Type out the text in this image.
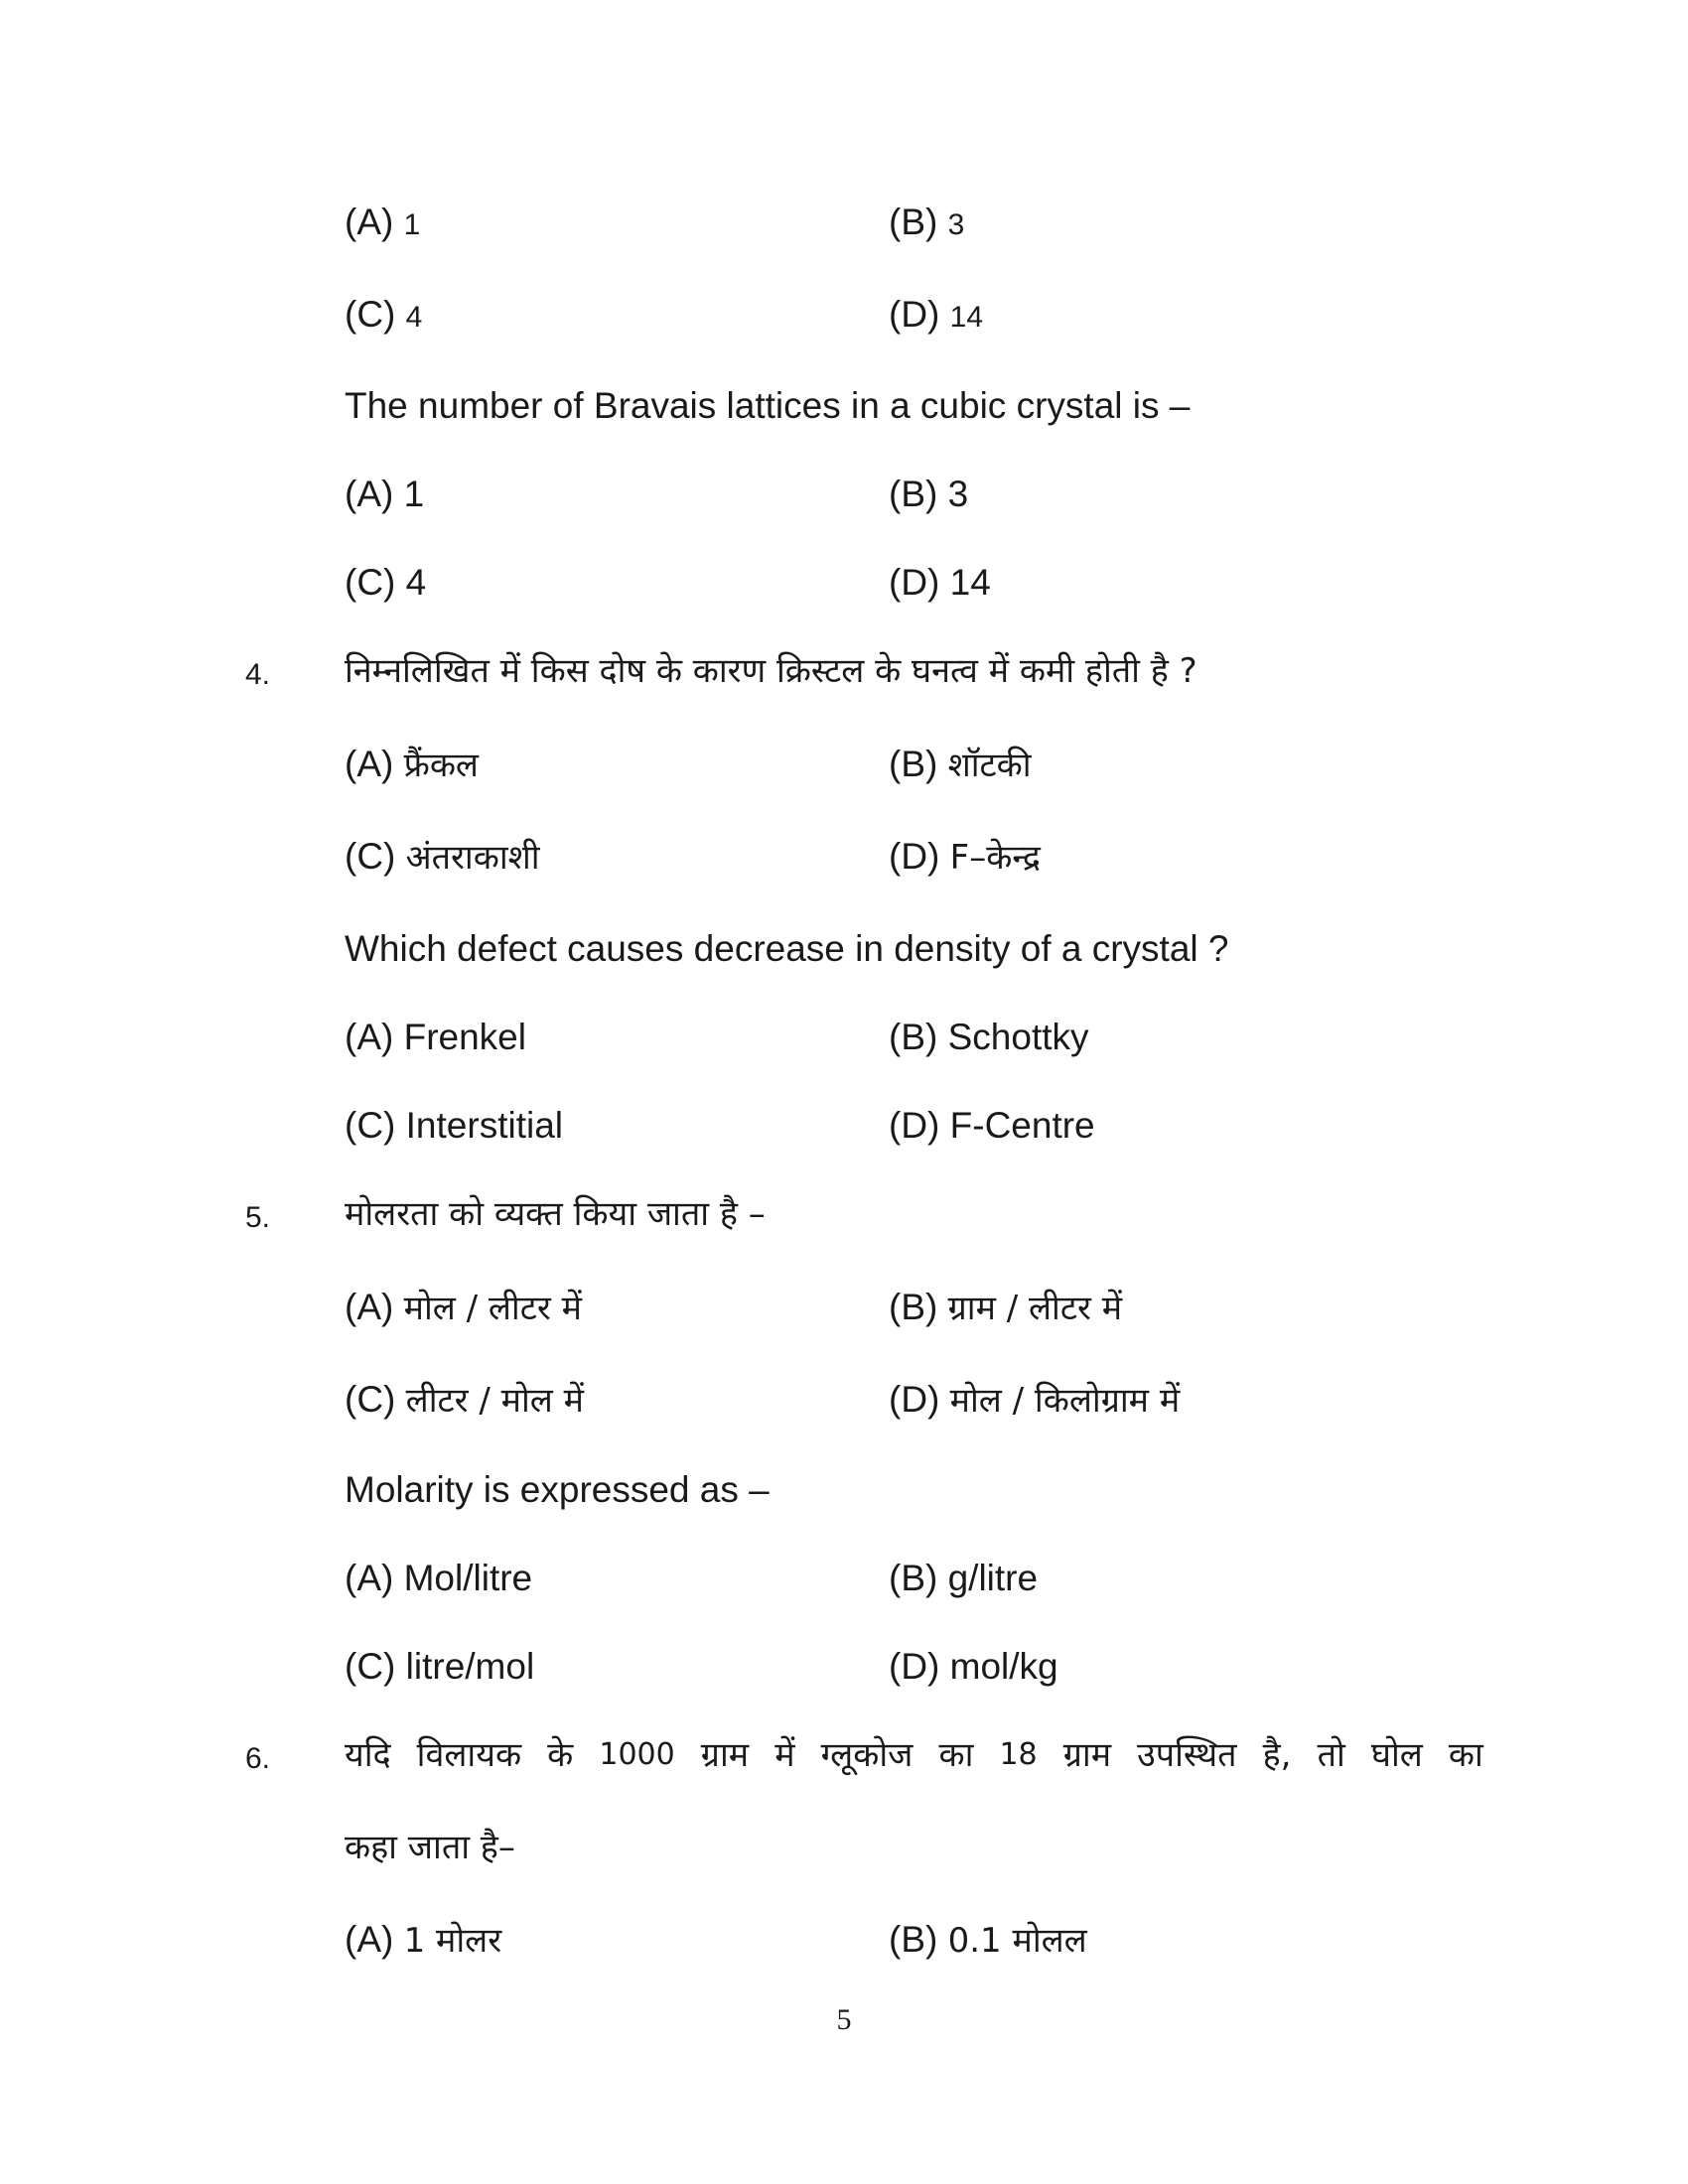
(A) 1	(B) 3
(C) 4	(D) 14
The number of Bravais lattices in a cubic crystal is –
(A) 1	(B) 3
(C) 4	(D) 14
4. निम्नलिखित में किस दोष के कारण क्रिस्टल के घनत्व में कमी होती है ?
(A) फ्रैंकल	(B) शॉटकी
(C) अंतराकाशी	(D) F–केन्द्र
Which defect causes decrease in density of a crystal ?
(A) Frenkel	(B) Schottky
(C) Interstitial	(D) F-Centre
5. मोलरता को व्यक्त किया जाता है –
(A) मोल / लीटर में	(B) ग्राम / लीटर में
(C) लीटर / मोल में	(D) मोल / किलोग्राम में
Molarity is expressed as –
(A) Mol/litre	(B) g/litre
(C) litre/mol	(D) mol/kg
6. यदि विलायक के 1000 ग्राम में ग्लूकोज का 18 ग्राम उपस्थित है, तो घोल का
कहा जाता है–
(A) 1 मोलर	(B) 0.1 मोलल
5
